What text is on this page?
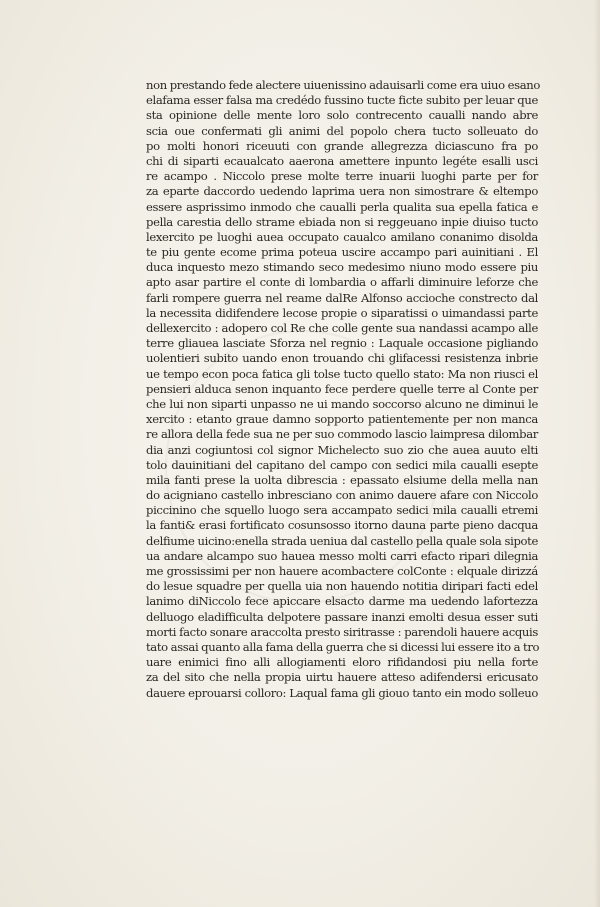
non prestando fede alectere uiuenissino adauisarli come era uiuo esano
elafama esser falsa ma credédo fussino tucte ficte subito per leuar que
sta opinione delle mente loro solo contrecento caualli nando abre
scia oue confermati gli animi del popolo chera tucto solleuato do
po molti honori riceuuti con grande allegrezza diciascuno fra po
chi di siparti ecaualcato aaerona amettere inpunto legéte esalli usci
re acampo . Niccolo prese molte terre inuarii luoghi parte per for
za eparte daccordo uedendo laprima uera non simostrare & eltempo
essere asprissimo inmodo che caualli perla qualita sua epella fatica e
pella carestia dello strame ebiada non si reggeuano inpie diuiso tucto
lexercito pe luoghi auea occupato caualco amilano conanimo disolda
te piu gente ecome prima poteua uscire accampo pari auinitiani . El
duca inquesto mezo stimando seco medesimo niuno modo essere piu
apto asar partire el conte di lombardia o affarli diminuire leforze che
farli rompere guerra nel reame dalRe Alfonso accioche constrecto dal
la necessita didifendere lecose propie o siparatissi o uimandassi parte
dellexercito : adopero col Re che colle gente sua nandassi acampo alle
terre gliauea lasciate Sforza nel regnio : Laquale occasione pigliando
uolentieri subito uando enon trouando chi glifacessi resistenza inbrie
ue tempo econ poca fatica gli tolse tucto quello stato: Ma non riusci el
pensieri alduca senon inquanto fece perdere quelle terre al Conte per
che lui non siparti unpasso ne ui mando soccorso alcuno ne diminui le
xercito : etanto graue damno sopporto patientemente per non manca
re allora della fede sua ne per suo commodo lascio laimpresa dilombar
dia anzi cogiuntosi col signor Michelecto suo zio che auea auuto elti
tolo dauinitiani del capitano del campo con sedici mila caualli esepte
mila fanti prese la uolta dibrescia : epassato elsiume della mella nan
do acigniano castello inbresciano con animo dauere afare con Niccolo
piccinino che squello luogo sera accampato sedici mila caualli etremi
la fanti& erasi fortificato cosunsosso itorno dauna parte pieno dacqua
delfiume uicino:enella strada ueniua dal castello pella quale sola sipote
ua andare alcampo suo hauea messo molti carri efacto ripari dilegnia
me grossissimi per non hauere acombactere colConte : elquale dirizzá
do lesue squadre per quella uia non hauendo notitia diripari facti edel
lanimo diNiccolo fece apiccare elsacto darme ma uedendo lafortezza
delluogo eladifficulta delpotere passare inanzi emolti desua esser suti
morti facto sonare araccolta presto siritrasse : parendoli hauere acquis
tato assai quanto alla fama della guerra che si dicessi lui essere ito a tro
uare enimici fino alli allogiamenti eloro rifidandosi piu nella forte
za del sito che nella propia uirtu hauere atteso adifendersi ericusato
dauere eprouarsi colloro: Laqual fama gli giouo tanto ein modo solleuo
